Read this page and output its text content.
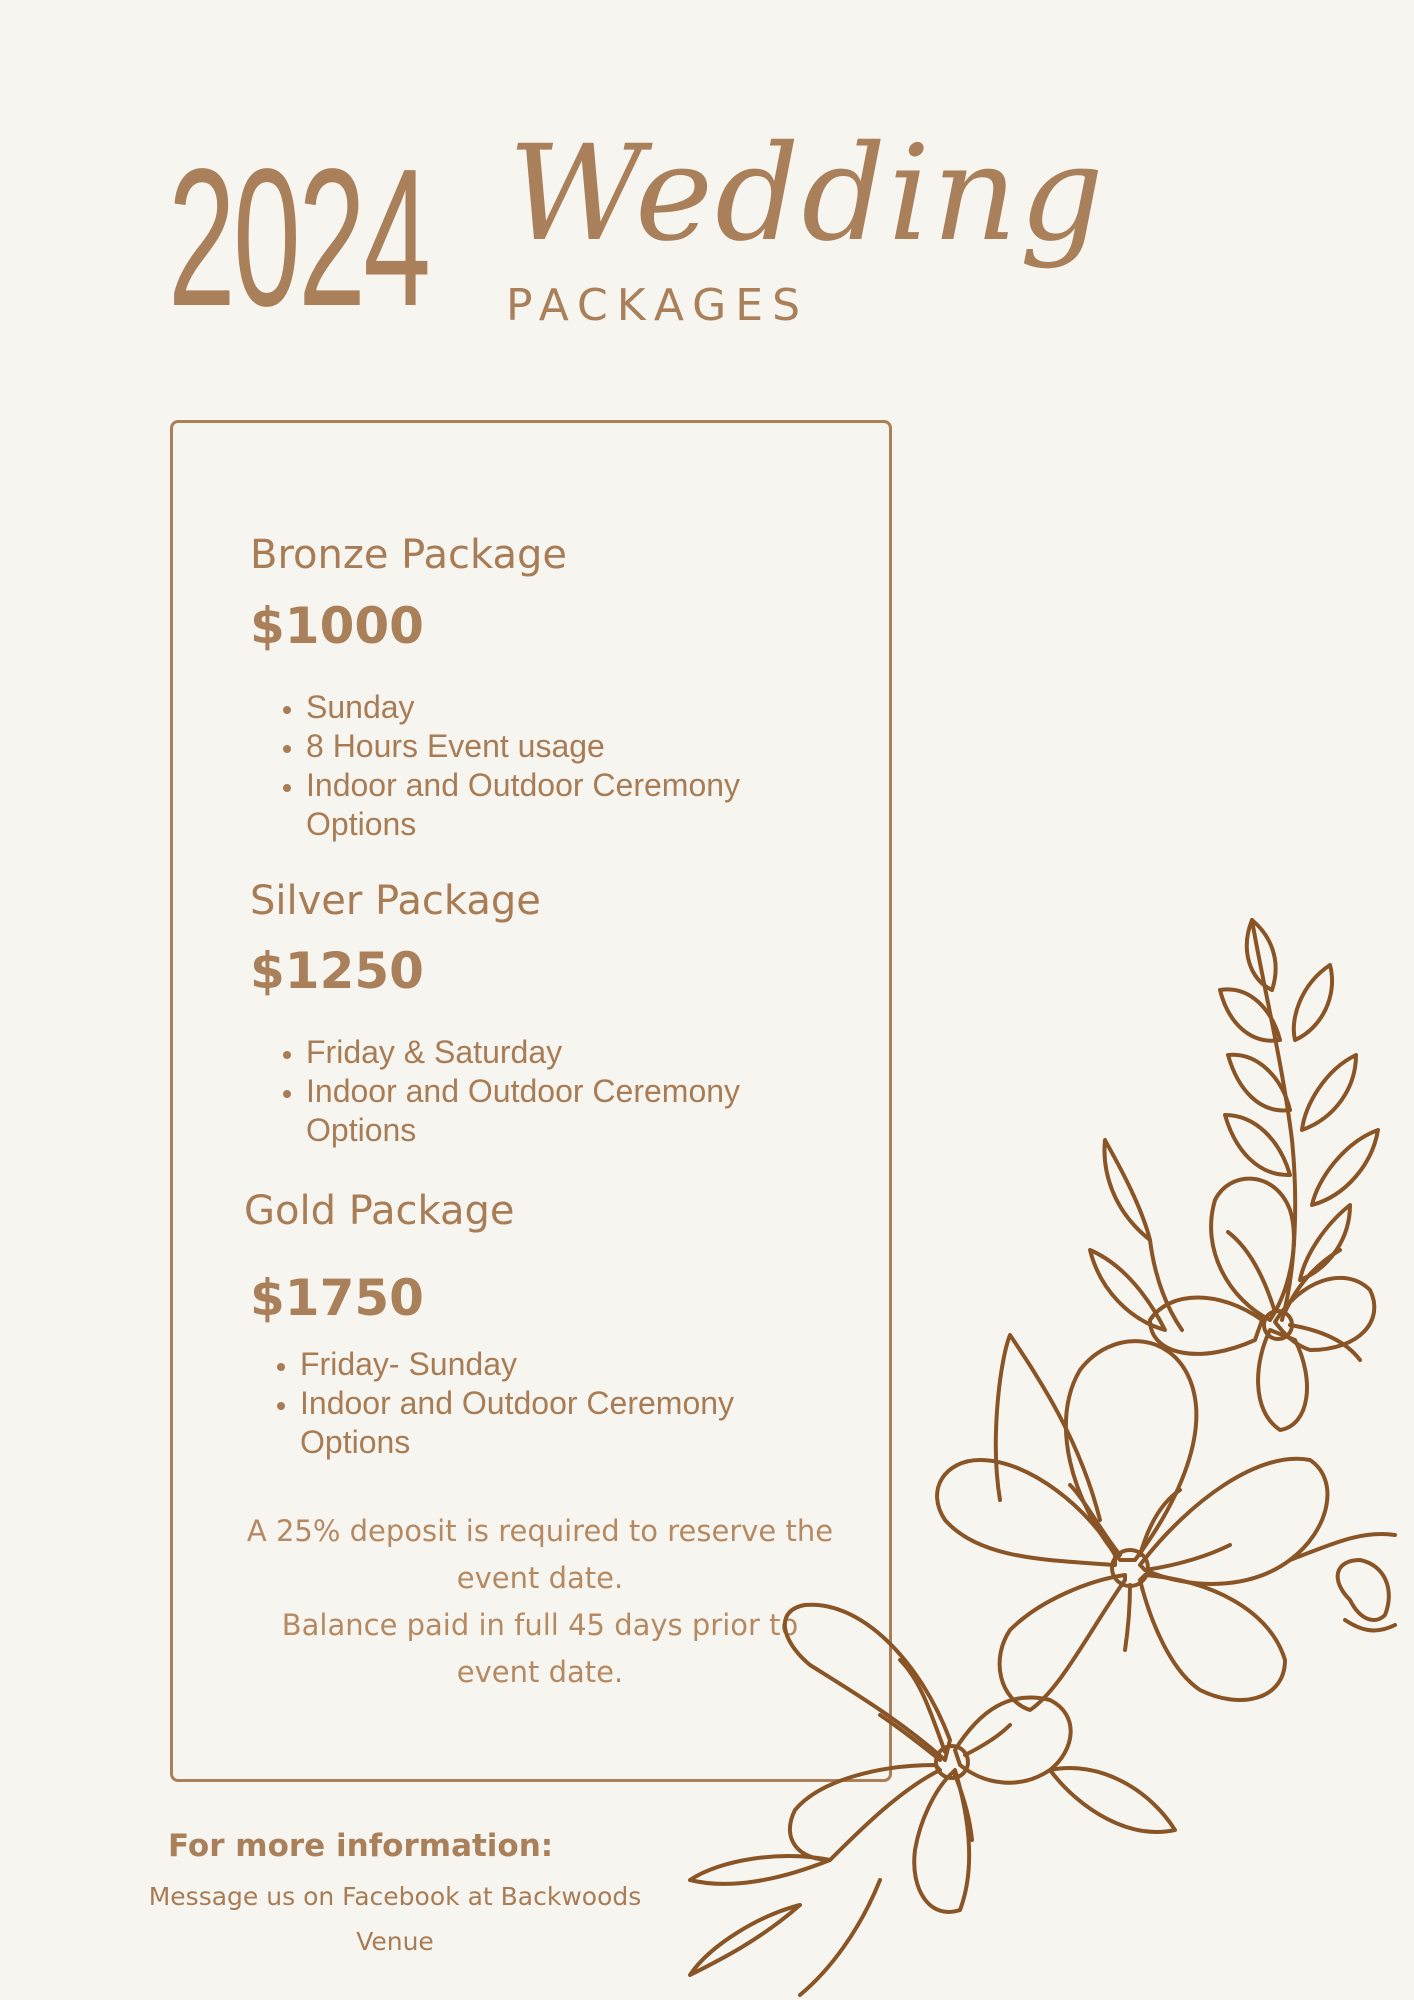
2024 Wedding
PACKAGES
Bronze Package
$1000
• Sunday
• 8 Hours Event usage
• Indoor and Outdoor Ceremony Options
Silver Package
$1250
• Friday & Saturday
• Indoor and Outdoor Ceremony Options
Gold Package
$1750
• Friday- Sunday
• Indoor and Outdoor Ceremony Options
A 25% deposit is required to reserve the event date.
Balance paid in full 45 days prior to event date.
For more information:
Message us on Facebook at Backwoods Venue
